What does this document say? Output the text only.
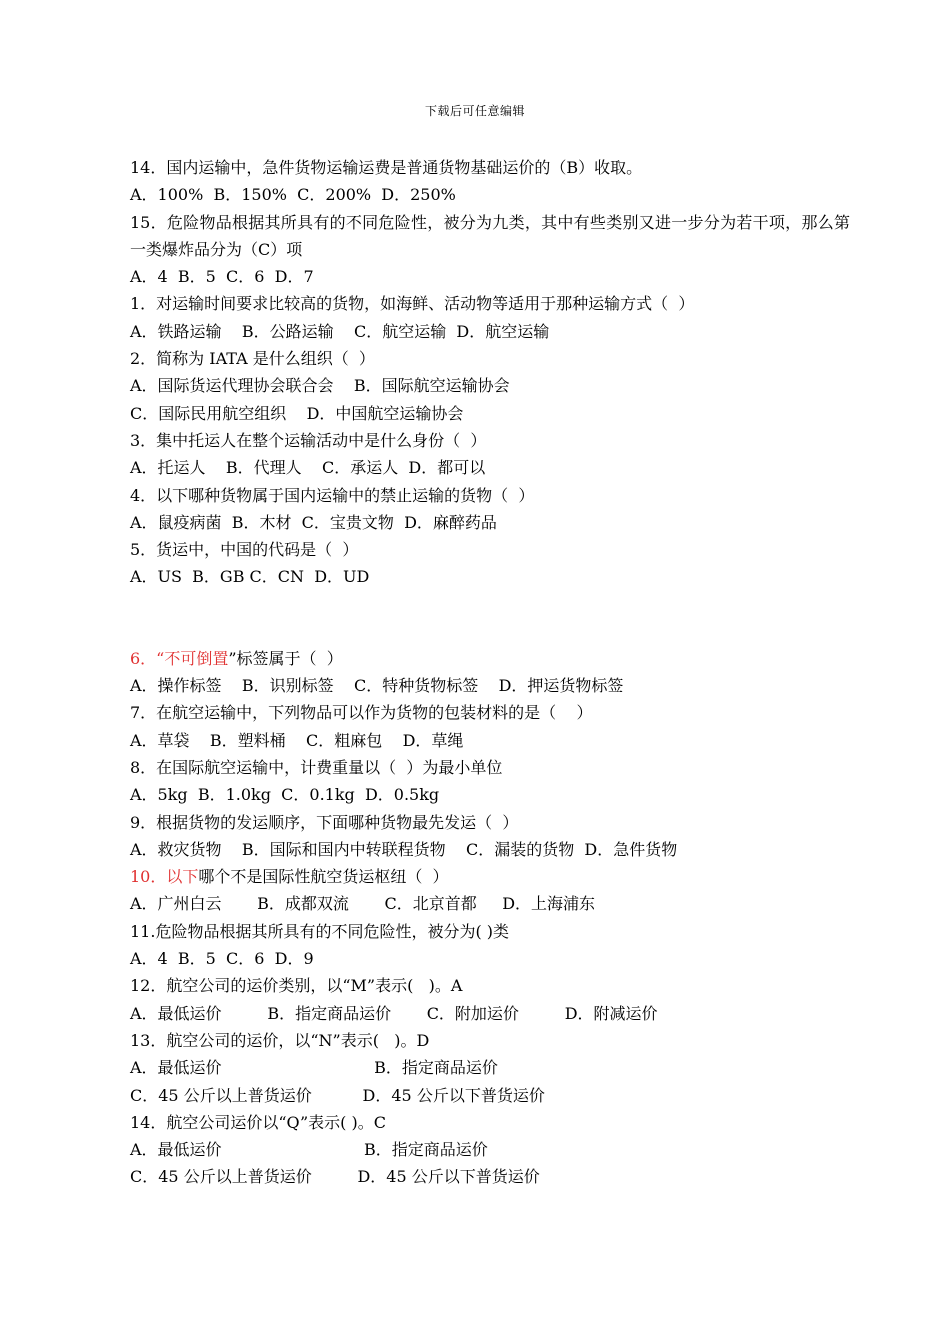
下载后可任意编辑
14．国内运输中，急件货物运输运费是普通货物基础运价的（B）收取。
A．100%  B．150%  C．200%  D．250%
15．危险物品根据其所具有的不同危险性，被分为九类，其中有些类别又进一步分为若干项，那么第一类爆炸品分为（C）项
A．4  B．5  C．6  D．7
1．对运输时间要求比较高的货物，如海鲜、活动物等适用于那种运输方式（  ）
A．铁路运输    B．公路运输    C．航空运输  D．航空运输
2．简称为 IATA 是什么组织（  ）
A．国际货运代理协会联合会    B．国际航空运输协会
C．国际民用航空组织    D．中国航空运输协会
3．集中托运人在整个运输活动中是什么身份（  ）
A．托运人    B．代理人    C．承运人  D．都可以
4．以下哪种货物属于国内运输中的禁止运输的货物（  ）
A．鼠疫病菌  B．木材  C．宝贵文物  D．麻醉药品
5．货运中，中国的代码是（  ）
A．US  B．GB C．CN  D．UD
6．“不可倒置”标签属于（  ）
A．操作标签    B．识别标签    C．特种货物标签    D．押运货物标签
7．在航空运输中，下列物品可以作为货物的包装材料的是（    ）
A．草袋    B．塑料桶    C．粗麻包    D．草绳
8．在国际航空运输中，计费重量以（  ）为最小单位
A．5kg  B．1.0kg  C．0.1kg  D．0.5kg
9．根据货物的发运顺序，下面哪种货物最先发运（  ）
A．救灾货物    B．国际和国内中转联程货物    C．漏装的货物  D．急件货物
10．以下哪个不是国际性航空货运枢纽（  ）
A．广州白云       B．成都双流       C．北京首都     D．上海浦东
11.危险物品根据其所具有的不同危险性，被分为( )类
A．4  B．5  C．6  D．9
12．航空公司的运价类别，以“M”表示(   )。A
A．最低运价         B．指定商品运价       C．附加运价         D．附减运价
13．航空公司的运价，以“N”表示(   )。D
A．最低运价                              B．指定商品运价
C．45 公斤以上普货运价          D．45 公斤以下普货运价
14．航空公司运价以“Q”表示( )。C
A．最低运价                            B．指定商品运价
C．45 公斤以上普货运价         D．45 公斤以下普货运价
